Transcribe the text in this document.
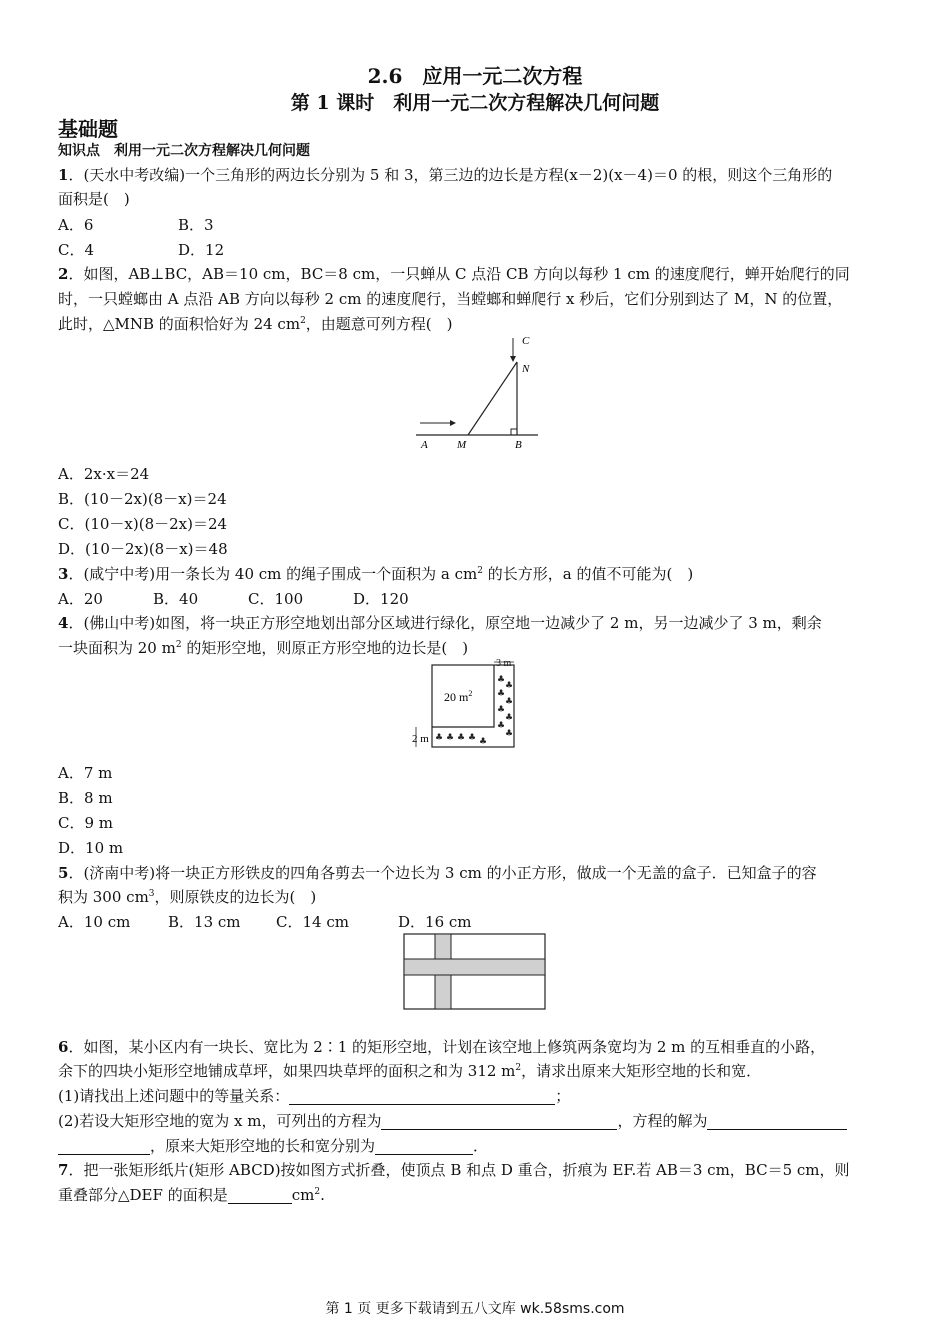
2.6　应用一元二次方程
第 1 课时　利用一元二次方程解决几何问题
基础题
知识点　利用一元二次方程解决几何问题
1．(天水中考改编)一个三角形的两边长分别为 5 和 3，第三边的边长是方程(x－2)(x－4)＝0 的根，则这个三角形的
面积是(　)
A．6	B．3
C．4	D．12
2．如图，AB⊥BC，AB＝10 cm，BC＝8 cm，一只蝉从 C 点沿 CB 方向以每秒 1 cm 的速度爬行，蝉开始爬行的同
时，一只螳螂由 A 点沿 AB 方向以每秒 2 cm 的速度爬行，当螳螂和蝉爬行 x 秒后，它们分别到达了 M，N 的位置，
此时，△MNB 的面积恰好为 24 $cm^2$，由题意可列方程(　)
A	M	B
N
C
A．2x·x＝24
B．(10－2x)(8－x)＝24
C．(10－x)(8－2x)＝24
D．(10－2x)(8－x)＝48
3．(咸宁中考)用一条长为 40 cm 的绳子围成一个面积为 a $cm^2$ 的长方形，a 的值不可能为(　)
A．20	B．40	C．100	D．120
4．(佛山中考)如图，将一块正方形空地划出部分区域进行绿化，原空地一边减少了 2 m，另一边减少了 3 m，剩余
一块面积为 20 $m^2$ 的矩形空地，则原正方形空地的边长是(　)
3 m
20 $m^2$
2 m
♣
♣
♣
♣
♣
♣
♣
♣
♣ ♣ ♣ ♣ ♣
A．7 m
B．8 m
C．9 m
D．10 m
5．(济南中考)将一块正方形铁皮的四角各剪去一个边长为 3 cm 的小正方形，做成一个无盖的盒子．已知盒子的容
积为 300 $cm^3$，则原铁皮的边长为(　)
A．10 cm	B．13 cm C．14 cm	D．16 cm
6．如图，某小区内有一块长、宽比为 2∶1 的矩形空地，计划在该空地上修筑两条宽均为 2 m 的互相垂直的小路，
余下的四块小矩形空地铺成草坪，如果四块草坪的面积之和为 312 $m^2$，请求出原来大矩形空地的长和宽．
(1)请找出上述问题中的等量关系：	；
(2)若设大矩形空地的宽为 x m，可列出的方程为	，方程的解为
，原来大矩形空地的长和宽分别为	．
7．把一张矩形纸片(矩形 ABCD)按如图方式折叠，使顶点 B 和点 D 重合，折痕为 EF.若 AB＝3 cm，BC＝5 cm，则
重叠部分△DEF 的面积是	$cm^2$.
第 1 页 更多下载请到五八文库 wk.58sms.com
